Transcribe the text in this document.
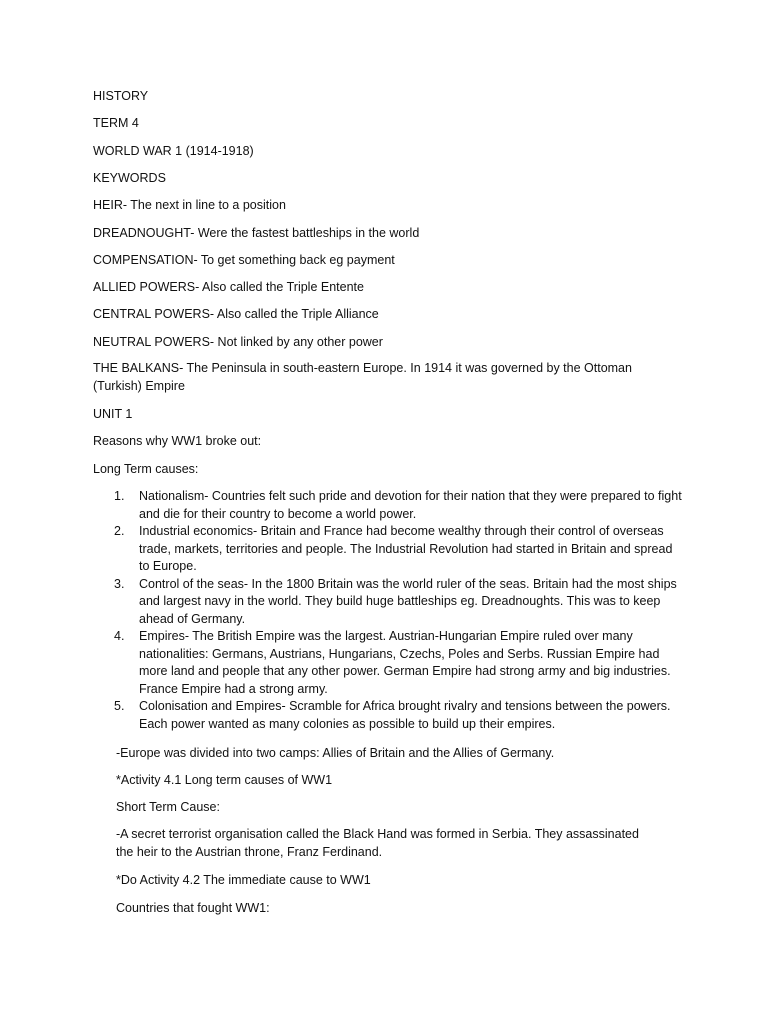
HISTORY
TERM 4
WORLD WAR 1 (1914-1918)
KEYWORDS
HEIR- The next in line to a position
DREADNOUGHT- Were the fastest battleships in the world
COMPENSATION- To get something back eg payment
ALLIED POWERS- Also called the Triple Entente
CENTRAL POWERS- Also called the Triple Alliance
NEUTRAL POWERS- Not linked by any other power
THE BALKANS- The Peninsula in south-eastern Europe. In 1914 it was governed by the Ottoman (Turkish) Empire
UNIT 1
Reasons why WW1 broke out:
Long Term causes:
1. Nationalism- Countries felt such pride and devotion for their nation that they were prepared to fight and die for their country to become a world power.
2. Industrial economics- Britain and France had become wealthy through their control of overseas trade, markets, territories and people. The Industrial Revolution had started in Britain and spread to Europe.
3. Control of the seas- In the 1800 Britain was the world ruler of the seas. Britain had the most ships and largest navy in the world. They build huge battleships eg. Dreadnoughts. This was to keep ahead of Germany.
4. Empires- The British Empire was the largest. Austrian-Hungarian Empire ruled over many nationalities: Germans, Austrians, Hungarians, Czechs, Poles and Serbs. Russian Empire had more land and people that any other power. German Empire had strong army and big industries. France Empire had a strong army.
5. Colonisation and Empires- Scramble for Africa brought rivalry and tensions between the powers. Each power wanted as many colonies as possible to build up their empires.
-Europe was divided into two camps: Allies of Britain and the Allies of Germany.
*Activity 4.1 Long term causes of WW1
Short Term Cause:
-A secret terrorist organisation called the Black Hand was formed in Serbia. They assassinated the heir to the Austrian throne, Franz Ferdinand.
*Do Activity 4.2 The immediate cause to WW1
Countries that fought WW1:
